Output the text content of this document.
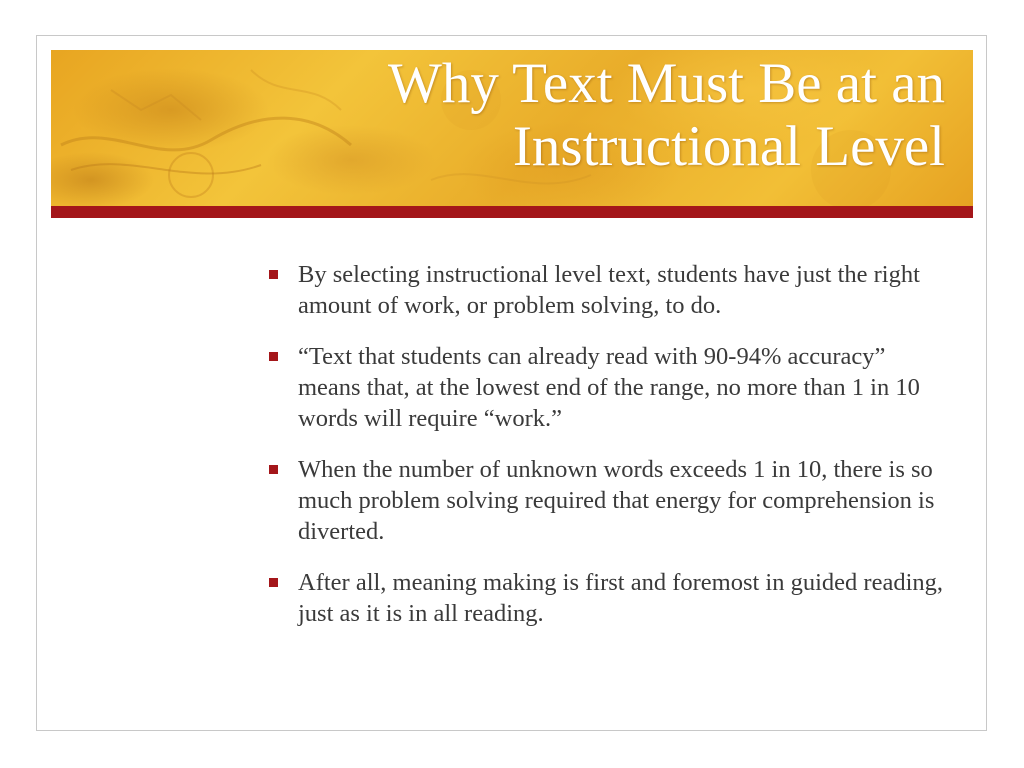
Why Text Must Be at an
Instructional Level
By selecting instructional level text, students have just the right amount of work, or problem solving, to do.
“Text that students can already read with 90-94% accuracy” means that, at the lowest end of the range, no more than 1 in 10 words will require “work.”
When the number of unknown words exceeds 1 in 10, there is so much problem solving required that energy for comprehension is diverted.
After all, meaning making is first and foremost in guided reading, just as it is in all reading.
